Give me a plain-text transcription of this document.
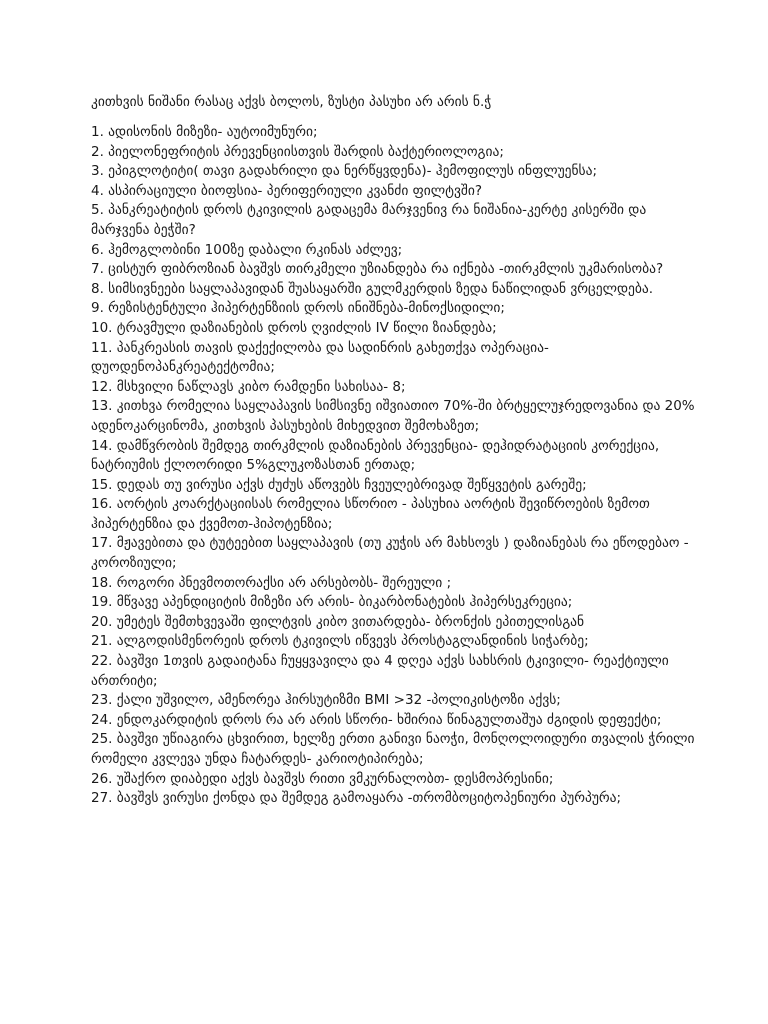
კითხვის ნიშანი რასაც აქვს ბოლოს, ზუსტი პასუხი არ არის ნ.ჭ
1. ადისონის მიზეზი- აუტოიმუნური;
2. პიელონეფრიტის პრევენციისთვის შარდის ბაქტერიოლოგია;
3. ეპიგლოტიტი( თავი გადახრილი და ნერწყვდენა)- ჰემოფილუს ინფლუენსა;
4. ასპირაციული ბიოფსია- პერიფერიული კვანძი ფილტვში?
5. პანკრეატიტის დროს ტკივილის გადაცემა მარჯვენივ რა ნიშანია-კერტე კისერში და მარჯვენა ბეჭში?
6. ჰემოგლობინი 100ზე დაბალი რკინას აძლევ;
7. ცისტურ ფიბროზიან ბავშვს თირკმელი უზიანდება რა იქნება -თირკმლის უკმარისობა?
8. სიმსივნეები საყლაპავიდან შუასაყარში გულმკერდის ზედა ნაწილიდან ვრცელდება.
9. რეზისტენტული ჰიპერტენზიის დროს ინიშნება-მინოქსიდილი;
10. ტრავმული დაზიანების დროს ღვიძლის IV წილი ზიანდება;
11. პანკრეასის თავის დაქექილობა და სადინრის გახეთქვა ოპერაცია-დუოდენოპანკრეატექტომია;
12. მსხვილი ნაწლავს კიბო რამდენი სახისაა- 8;
13. კითხვა რომელია საყლაპავის სიმსივნე იშვიათიო 70%-ში ბრტყელუჯრედოვანია და 20% ადენოკარცინომა, კითხვის პასუხების მიხედვით შემოხაზეთ;
14. დამწვრობის შემდეგ თირკმლის დაზიანების პრევენცია- დეჰიდრატაციის კორექცია, ნატრიუმის ქლოორიდი 5%გლუკოზასთან ერთად;
15. დედას თუ ვირუსი აქვს ძუძუს აწოვებს ჩვეულებრივად შეწყვეტის გარეშე;
16. აორტის კოარქტაციისას რომელია სწორიო - პასუხია აორტის შევიწროების ზემოთ ჰიპერტენზია და ქვემოთ-ჰიპოტენზია;
17. მჟავებითა და ტუტეებით საყლაპავის (თუ კუჭის არ მახსოვს ) დაზიანებას რა ეწოდებაო - კოროზიული;
18. როგორი პნევმოთორაქსი არ არსებობს- შერეული ;
19. მწვავე აპენდიციტის მიზეზი არ არის- ბიკარბონატების ჰიპერსეკრეცია;
20. უმეტეს შემთხვევაში ფილტვის კიბო ვითარდება- ბრონქის ეპითელისგან
21. ალგოდისმენორეის დროს ტკივილს იწვევს პროსტაგლანდინის სიჭარბე;
22. ბავშვი 1თვის გადაიტანა ჩუყყვავილა და 4 დღეა აქვს სახსრის ტკივილი- რეაქტიული ართრიტი;
23. ქალი უშვილო, ამენორეა ჰირსუტიზმი BMI >32 -პოლიკისტოზი აქვს;
24. ენდოკარდიტის დროს რა არ არის სწორი- ხშირია წინაგულთაშუა ძგიდის დეფექტი;
25. ბავშვი უწიაგირა ცხვირით, ხელზე ერთი განივი ნაოჭი, მონღოლოიდური თვალის ჭრილი რომელი კვლევა უნდა ჩატარდეს- კარიოტიპირება;
26. უშაქრო დიაბედი აქვს ბავშვს რითი ვმკურნალობთ- დესმოპრესინი;
27. ბავშვს ვირუსი ქონდა და შემდეგ გამოაყარა -თრომბოციტოპენიური პურპურა;
